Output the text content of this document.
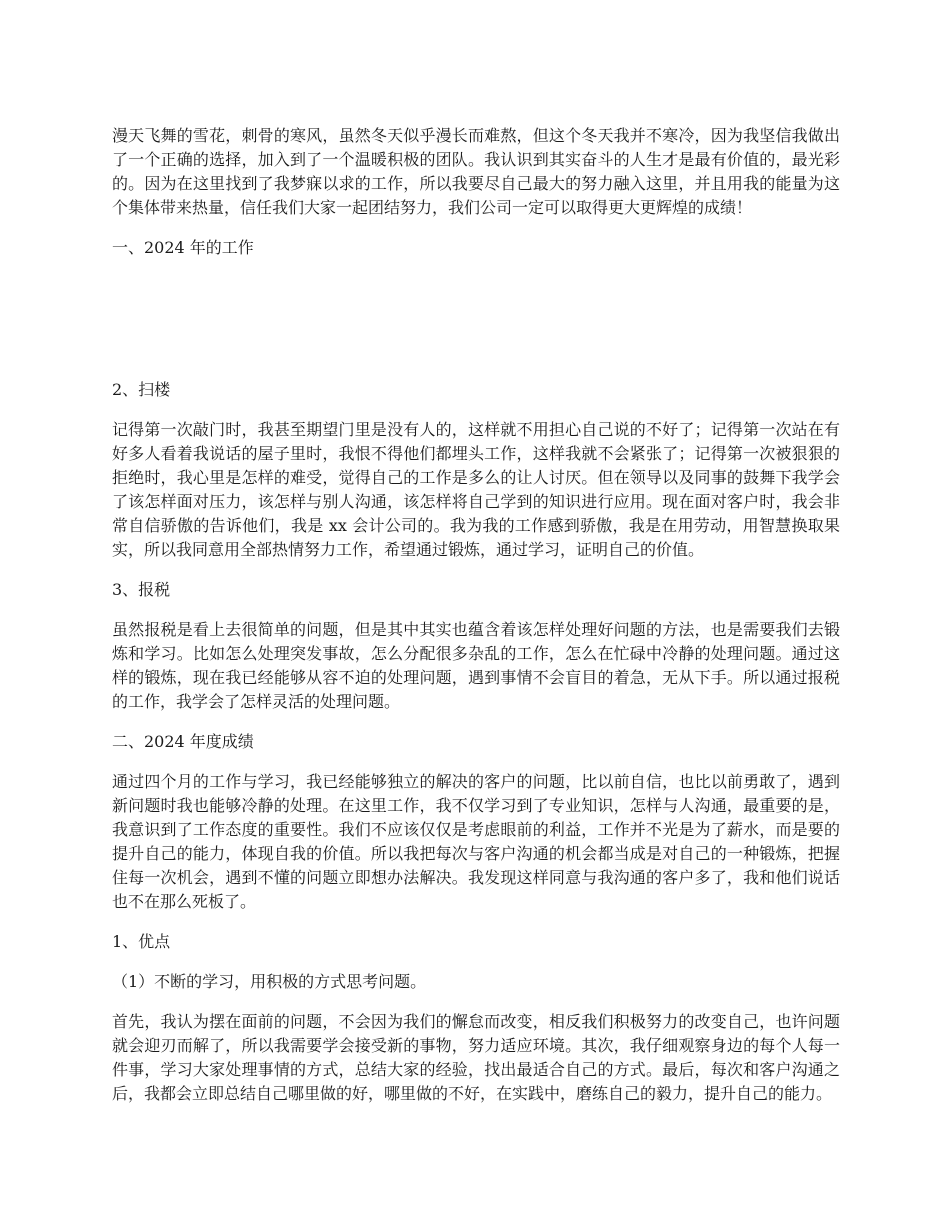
漫天飞舞的雪花，刺骨的寒风，虽然冬天似乎漫长而难熬，但这个冬天我并不寒冷，因为我坚信我做出了一个正确的选择，加入到了一个温暖积极的团队。我认识到其实奋斗的人生才是最有价值的，最光彩的。因为在这里找到了我梦寐以求的工作，所以我要尽自己最大的努力融入这里，并且用我的能量为这个集体带来热量，信任我们大家一起团结努力，我们公司一定可以取得更大更辉煌的成绩！

一、2024 年的工作

2、扫楼

记得第一次敲门时，我甚至期望门里是没有人的，这样就不用担心自己说的不好了；记得第一次站在有好多人看着我说话的屋子里时，我恨不得他们都埋头工作，这样我就不会紧张了；记得第一次被狠狠的拒绝时，我心里是怎样的难受，觉得自己的工作是多么的让人讨厌。但在领导以及同事的鼓舞下我学会了该怎样面对压力，该怎样与别人沟通，该怎样将自己学到的知识进行应用。现在面对客户时，我会非常自信骄傲的告诉他们，我是 xx 会计公司的。我为我的工作感到骄傲，我是在用劳动，用智慧换取果实，所以我同意用全部热情努力工作，希望通过锻炼，通过学习，证明自己的价值。

3、报税

虽然报税是看上去很简单的问题，但是其中其实也蕴含着该怎样处理好问题的方法，也是需要我们去锻炼和学习。比如怎么处理突发事故，怎么分配很多杂乱的工作，怎么在忙碌中冷静的处理问题。通过这样的锻炼，现在我已经能够从容不迫的处理问题，遇到事情不会盲目的着急，无从下手。所以通过报税的工作，我学会了怎样灵活的处理问题。

二、2024 年度成绩

通过四个月的工作与学习，我已经能够独立的解决的客户的问题，比以前自信，也比以前勇敢了，遇到新问题时我也能够冷静的处理。在这里工作，我不仅学习到了专业知识，怎样与人沟通，最重要的是，我意识到了工作态度的重要性。我们不应该仅仅是考虑眼前的利益，工作并不光是为了薪水，而是要的提升自己的能力，体现自我的价值。所以我把每次与客户沟通的机会都当成是对自己的一种锻炼，把握住每一次机会，遇到不懂的问题立即想办法解决。我发现这样同意与我沟通的客户多了，我和他们说话也不在那么死板了。

1、优点

（1）不断的学习，用积极的方式思考问题。

首先，我认为摆在面前的问题，不会因为我们的懈怠而改变，相反我们积极努力的改变自己，也许问题就会迎刃而解了，所以我需要学会接受新的事物，努力适应环境。其次，我仔细观察身边的每个人每一件事，学习大家处理事情的方式，总结大家的经验，找出最适合自己的方式。最后，每次和客户沟通之后，我都会立即总结自己哪里做的好，哪里做的不好，在实践中，磨练自己的毅力，提升自己的能力。
